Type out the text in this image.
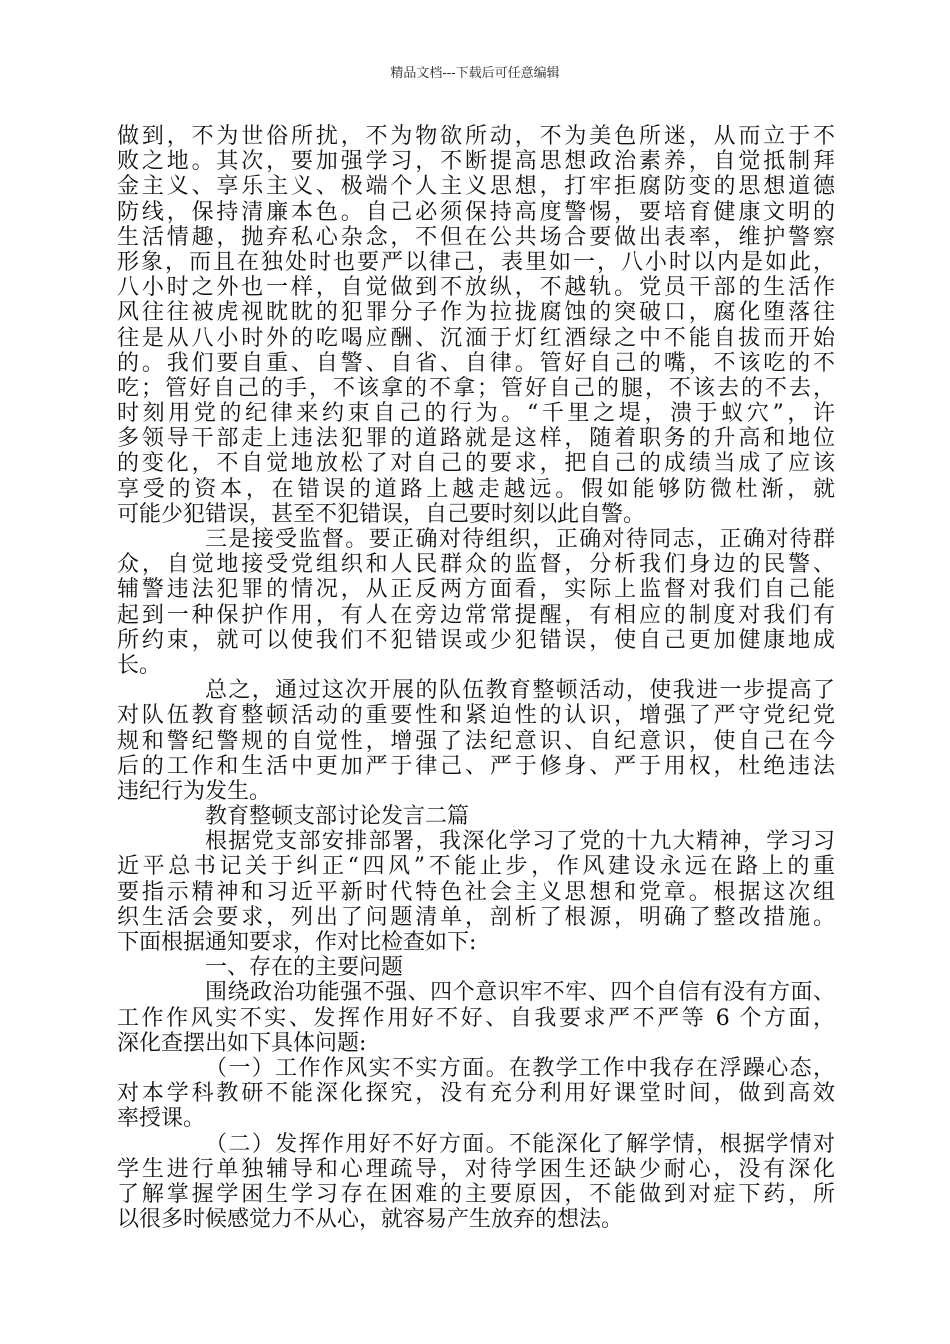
精品文档---下载后可任意编辑
做到，不为世俗所扰，不为物欲所动，不为美色所迷，从而立于不
败之地。其次，要加强学习，不断提高思想政治素养，自觉抵制拜
金主义、享乐主义、极端个人主义思想，打牢拒腐防变的思想道德
防线，保持清廉本色。自己必须保持高度警惕，要培育健康文明的
生活情趣，抛弃私心杂念，不但在公共场合要做出表率，维护警察
形象，而且在独处时也要严以律己，表里如一，八小时以内是如此，
八小时之外也一样，自觉做到不放纵，不越轨。党员干部的生活作
风往往被虎视眈眈的犯罪分子作为拉拢腐蚀的突破口，腐化堕落往
往是从八小时外的吃喝应酬、沉湎于灯红酒绿之中不能自拔而开始
的。我们要自重、自警、自省、自律。管好自己的嘴，不该吃的不
吃；管好自己的手，不该拿的不拿；管好自己的腿，不该去的不去，
时刻用党的纪律来约束自己的行为。“千里之堤，溃于蚁穴”，许
多领导干部走上违法犯罪的道路就是这样，随着职务的升高和地位
的变化，不自觉地放松了对自己的要求，把自己的成绩当成了应该
享受的资本，在错误的道路上越走越远。假如能够防微杜渐，就
可能少犯错误，甚至不犯错误，自己要时刻以此自警。
三是接受监督。要正确对待组织，正确对待同志，正确对待群
众，自觉地接受党组织和人民群众的监督，分析我们身边的民警、
辅警违法犯罪的情况，从正反两方面看，实际上监督对我们自己能
起到一种保护作用，有人在旁边常常提醒，有相应的制度对我们有
所约束，就可以使我们不犯错误或少犯错误，使自己更加健康地成
长。
总之，通过这次开展的队伍教育整顿活动，使我进一步提高了
对队伍教育整顿活动的重要性和紧迫性的认识，增强了严守党纪党
规和警纪警规的自觉性，增强了法纪意识、自纪意识，使自己在今
后的工作和生活中更加严于律己、严于修身、严于用权，杜绝违法
违纪行为发生。
教育整顿支部讨论发言二篇
根据党支部安排部署，我深化学习了党的十九大精神，学习习
近平总书记关于纠正“四风”不能止步，作风建设永远在路上的重
要指示精神和习近平新时代特色社会主义思想和党章。根据这次组
织生活会要求，列出了问题清单，剖析了根源，明确了整改措施。
下面根据通知要求，作对比检查如下:
一、存在的主要问题
围绕政治功能强不强、四个意识牢不牢、四个自信有没有方面、
工作作风实不实、发挥作用好不好、自我要求严不严等 6 个方面，
深化查摆出如下具体问题:
（一）工作作风实不实方面。在教学工作中我存在浮躁心态，
对本学科教研不能深化探究，没有充分利用好课堂时间，做到高效
率授课。
（二）发挥作用好不好方面。不能深化了解学情，根据学情对
学生进行单独辅导和心理疏导，对待学困生还缺少耐心，没有深化
了解掌握学困生学习存在困难的主要原因，不能做到对症下药，所
以很多时候感觉力不从心，就容易产生放弃的想法。
